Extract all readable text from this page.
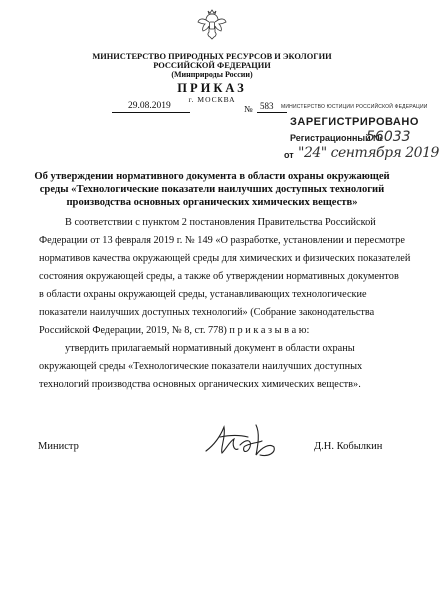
МИНИСТЕРСТВО ПРИРОДНЫХ РЕСУРСОВ И ЭКОЛОГИИ
РОССИЙСКОЙ ФЕДЕРАЦИИ
(Минприроды России)
ПРИКАЗ
г. МОСКВА
29.08.2019	№ 583 МИНИСТЕРСТВО ЮСТИЦИИ РОССИЙСКОЙ ФЕДЕРАЦИИ
ЗАРЕГИСТРИРОВАНО
Регистрационный №
56033
от "24" сентября 2019
Об утверждении нормативного документа в области охраны окружающей
среды «Технологические показатели наилучших доступных технологий
производства основных органических химических веществ»
В соответствии с пунктом 2 постановления Правительства Российской
Федерации от 13 февраля 2019 г. № 149 «О разработке, установлении и пересмотре
нормативов качества окружающей среды для химических и физических показателей
состояния окружающей среды, а также об утверждении нормативных документов
в области охраны окружающей среды, устанавливающих технологические
показатели наилучших доступных технологий» (Собрание законодательства
Российской Федерации, 2019, № 8, ст. 778) п р и к а з ы в а ю:
утвердить прилагаемый нормативный документ в области охраны
окружающей среды «Технологические показатели наилучших доступных
технологий производства основных органических химических веществ».
Министр	Д.Н. Кобылкин
